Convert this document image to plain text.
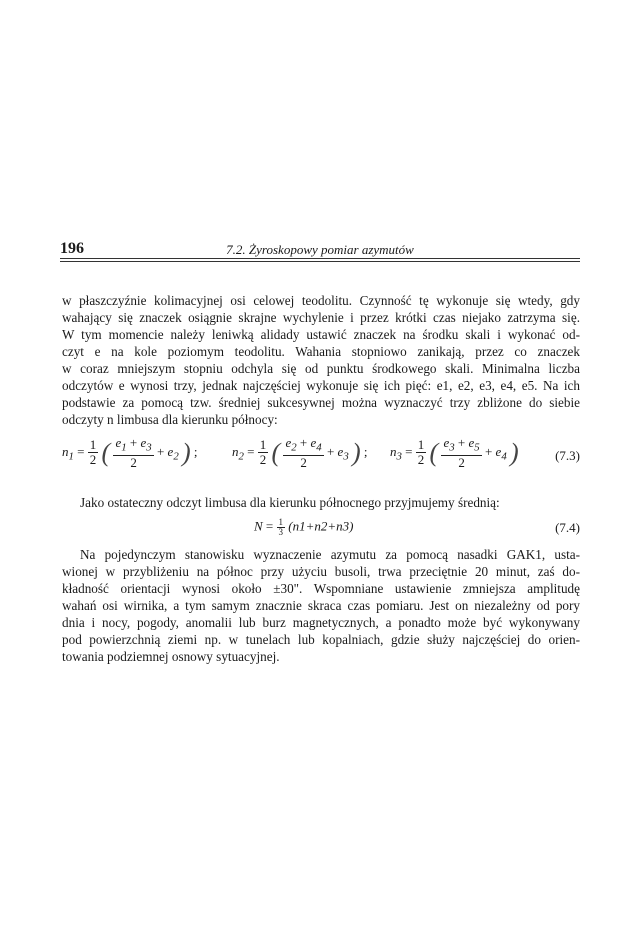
196	7.2. Żyroskopowy pomiar azymutów
w płaszczyźnie kolimacyjnej osi celowej teodolitu. Czynność tę wykonuje się wtedy, gdy
wahający się znaczek osiągnie skrajne wychylenie i przez krótki czas niejako zatrzyma się.
W tym momencie należy leniwką alidady ustawić znaczek na środku skali i wykonać od-
czyt e na kole poziomym teodolitu. Wahania stopniowo zanikają, przez co znaczek
w coraz mniejszym stopniu odchyla się od punktu środkowego skali. Minimalna liczba
odczytów e wynosi trzy, jednak najczęściej wykonuje się ich pięć: e1, e2, e3, e4, e5. Na ich
podstawie za pomocą tzw. średniej sukcesywnej można wyznaczyć trzy zbliżone do siebie
odczyty n limbusa dla kierunku północy:
$n_1 = \frac{1}{2}$ ( $\frac{e_1 + e_3}{2} + e_2$ ) ;	$n_2 = \frac{1}{2}$ ( $\frac{e_2 + e_4}{2} + e_3$ ) ; $n_3 = \frac{1}{2}$ ( $\frac{e_3 + e_5}{2} + e_4$ )	(7.3)
Jako ostateczny odczyt limbusa dla kierunku północnego przyjmujemy średnią:
$N = \frac{1}{3} (n1+n2+n3)$	(7.4)
Na pojedynczym stanowisku wyznaczenie azymutu za pomocą nasadki GAK1, usta-
wionej w przybliżeniu na północ przy użyciu busoli, trwa przeciętnie 20 minut, zaś do-
kładność orientacji wynosi około ±30". Wspomniane ustawienie zmniejsza amplitudę
wahań osi wirnika, a tym samym znacznie skraca czas pomiaru. Jest on niezależny od pory
dnia i nocy, pogody, anomalii lub burz magnetycznych, a ponadto może być wykonywany
pod powierzchnią ziemi np. w tunelach lub kopalniach, gdzie służy najczęściej do orien-
towania podziemnej osnowy sytuacyjnej.
